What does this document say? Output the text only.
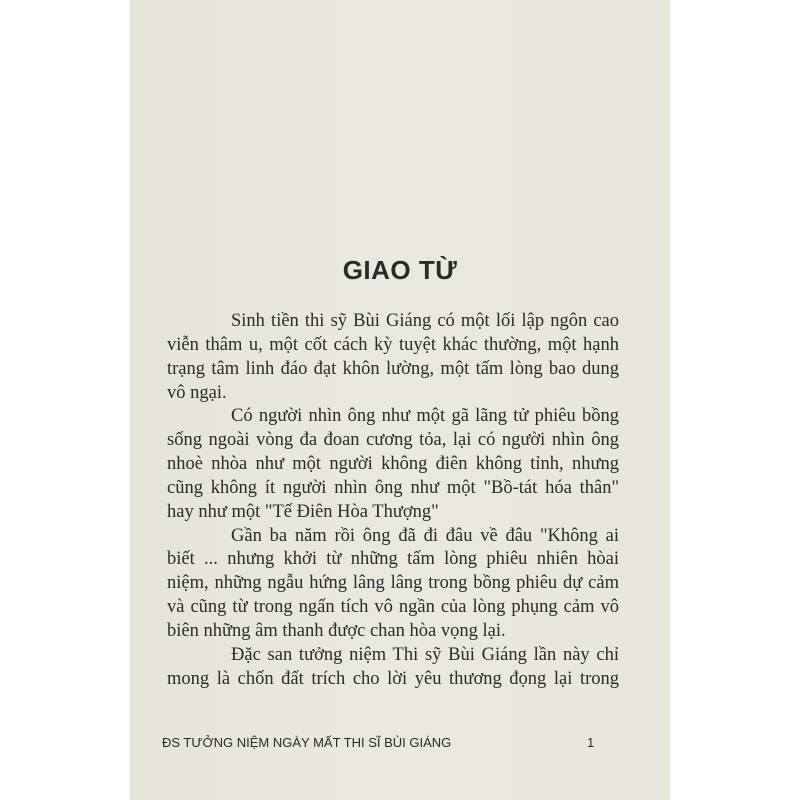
GIAO TỪ
Sinh tiền thi sỹ Bùi Giáng có một lối lập ngôn cao
viễn thâm u, một cốt cách kỳ tuyệt khác thường, một hạnh
trạng tâm linh đáo đạt khôn lường, một tấm lòng bao dung
vô ngại.
Có người nhìn ông như một gã lãng tử phiêu bồng
sống ngoài vòng đa đoan cương tỏa, lại có người nhìn ông
nhoè nhòa như một người không điên không tỉnh, nhưng
cũng không ít người nhìn ông như một "Bồ-tát hóa thân"
hay như một "Tế Điên Hòa Thượng"
Gần ba năm rồi ông đã đi đâu về đâu "Không ai
biết ... nhưng khởi từ những tấm lòng phiêu nhiên hòai
niệm, những ngẫu hứng lâng lâng trong bồng phiêu dự cảm
và cũng từ trong ngấn tích vô ngần của lòng phụng cảm vô
biên những âm thanh được chan hòa vọng lại.
Đặc san tưởng niệm Thi sỹ Bùi Giáng lần này chỉ
mong là chốn đất trích cho lời yêu thương đọng lại trong
ĐS TƯỞNG NIỆM NGÀY MẤT THI SĨ BÙI GIÁNG	1
